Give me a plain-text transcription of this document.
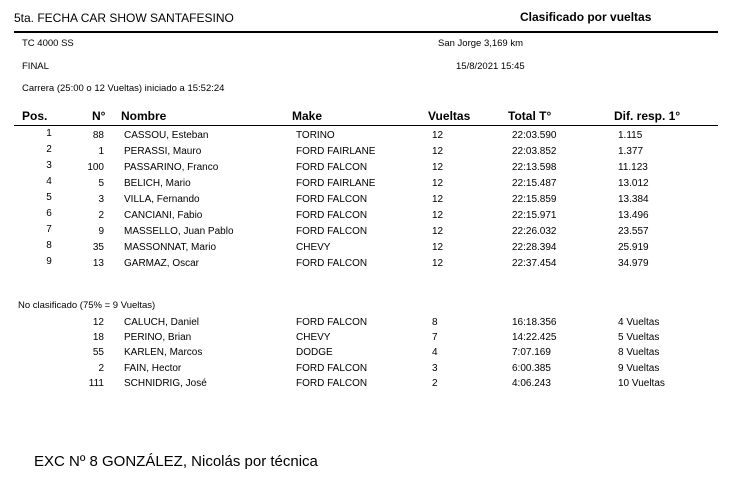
5ta. FECHA CAR SHOW SANTAFESINO	Clasificado por vueltas
TC 4000 SS	San Jorge 3,169 km
FINAL	15/8/2021 15:45
Carrera (25:00 o 12 Vueltas) iniciado a 15:52:24
Pos.	N° Nombre	Make	Vueltas	Total T°	Dif. resp. 1°
1	88 CASSOU, Esteban	TORINO	12	22:03.590	1.115
2	1 PERASSI, Mauro	FORD FAIRLANE	12	22:03.852	1.377
3	100 PASSARINO, Franco	FORD FALCON	12	22:13.598	11.123
4	5 BELICH, Mario	FORD FAIRLANE	12	22:15.487	13.012
5	3 VILLA, Fernando	FORD FALCON	12	22:15.859	13.384
6	2 CANCIANI, Fabio	FORD FALCON	12	22:15.971	13.496
7	9 MASSELLO, Juan Pablo	FORD FALCON	12	22:26.032	23.557
8	35 MASSONNAT, Mario	CHEVY	12	22:28.394	25.919
9	13 GARMAZ, Oscar	FORD FALCON	12	22:37.454	34.979
No clasificado (75% = 9 Vueltas)
12 CALUCH, Daniel	FORD FALCON	8	16:18.356	4 Vueltas
18 PERINO, Brian	CHEVY	7	14:22.425	5 Vueltas
55 KARLEN, Marcos	DODGE	4	7:07.169	8 Vueltas
2 FAIN, Hector	FORD FALCON	3	6:00.385	9 Vueltas
111 SCHNIDRIG, José	FORD FALCON	2	4:06.243	10 Vueltas
EXC Nº 8 GONZÁLEZ, Nicolás por técnica
